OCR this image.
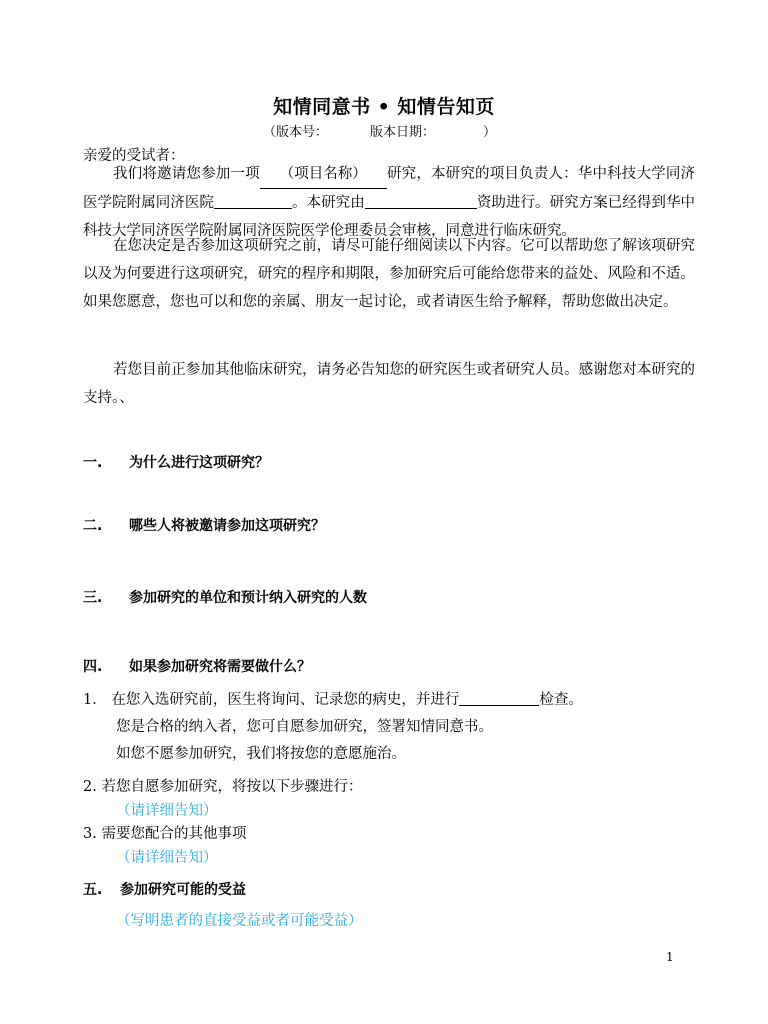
知情同意书 • 知情告知页
（版本号：	版本日期：	）
亲爱的受试者：
我们将邀请您参加一项 （项目名称） 研究，本研究的项目负责人：华中科技大学同济医学院附属同济医院	。本研究由	资助进行。研究方案已经得到华中科技大学同济医学院附属同济医院医学伦理委员会审核，同意进行临床研究。
在您决定是否参加这项研究之前，请尽可能仔细阅读以下内容。它可以帮助您了解该项研究以及为何要进行这项研究，研究的程序和期限，参加研究后可能给您带来的益处、风险和不适。如果您愿意，您也可以和您的亲属、朋友一起讨论，或者请医生给予解释，帮助您做出决定。
若您目前正参加其他临床研究，请务必告知您的研究医生或者研究人员。感谢您对本研究的支持。、
一. 为什么进行这项研究？
二. 哪些人将被邀请参加这项研究？
三. 参加研究的单位和预计纳入研究的人数
四. 如果参加研究将需要做什么？
1． 在您入选研究前，医生将询问、记录您的病史，并进行	检查。
您是合格的纳入者，您可自愿参加研究，签署知情同意书。
如您不愿参加研究，我们将按您的意愿施治。
2. 若您自愿参加研究，将按以下步骤进行：
（请详细告知）
3. 需要您配合的其他事项
（请详细告知）
五. 参加研究可能的受益
（写明患者的直接受益或者可能受益）
1
